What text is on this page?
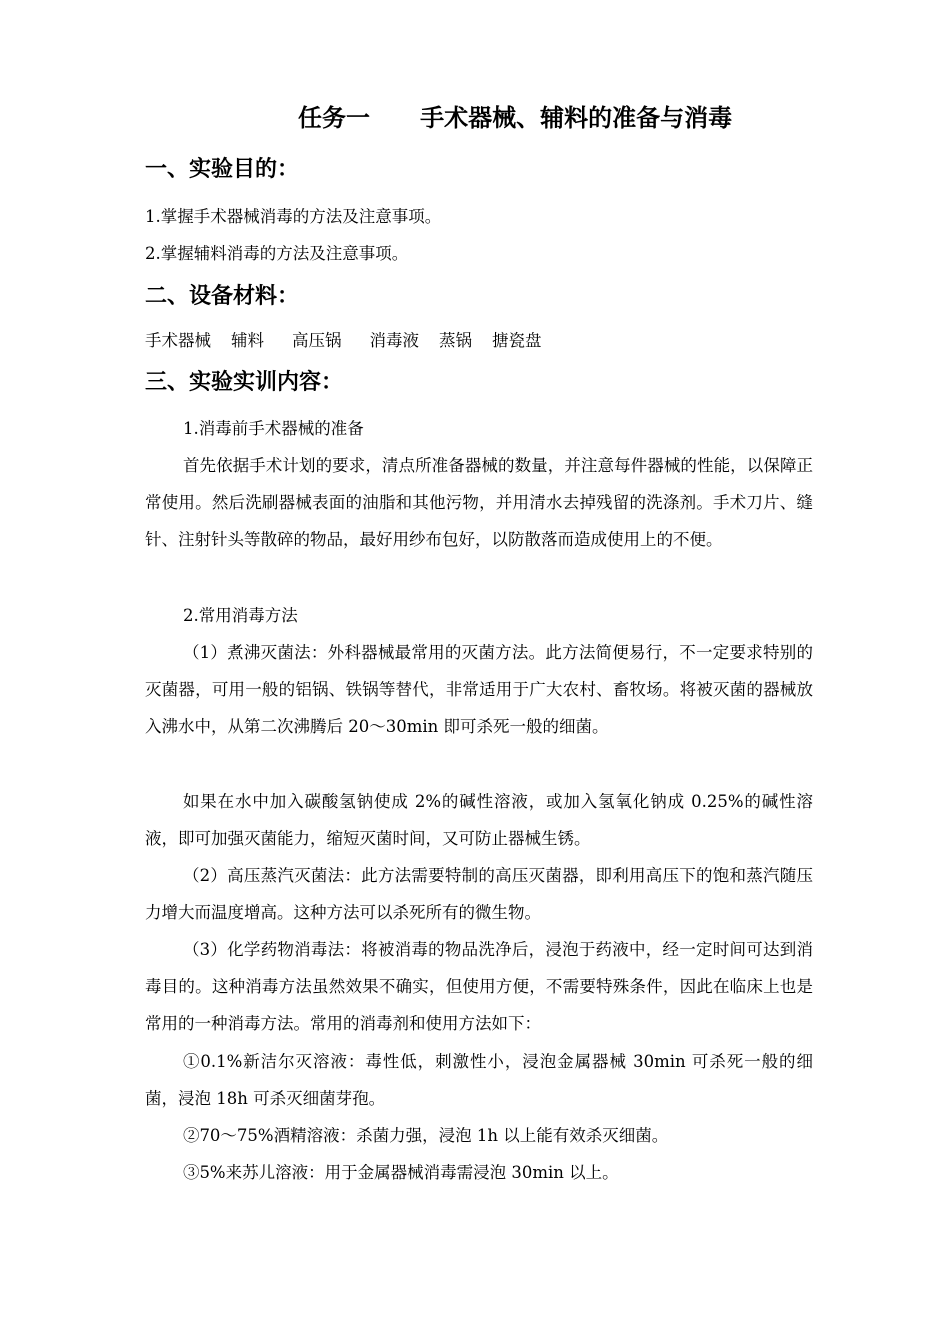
任务一      手术器械、辅料的准备与消毒
一、实验目的：

1.掌握手术器械消毒的方法及注意事项。

2.掌握辅料消毒的方法及注意事项。

二、设备材料：

手术器械 辅料 高压锅 消毒液 蒸锅 搪瓷盘

三、实验实训内容：

1.消毒前手术器械的准备

首先依据手术计划的要求，清点所准备器械的数量，并注意每件器械的性能，以保障正常使用。然后洗刷器械表面的油脂和其他污物，并用清水去掉残留的洗涤剂。手术刀片、缝针、注射针头等散碎的物品，最好用纱布包好，以防散落而造成使用上的不便。

2.常用消毒方法

（1）煮沸灭菌法：外科器械最常用的灭菌方法。此方法简便易行，不一定要求特别的灭菌器，可用一般的铝锅、铁锅等替代，非常适用于广大农村、畜牧场。将被灭菌的器械放入沸水中，从第二次沸腾后 20～30min 即可杀死一般的细菌。

如果在水中加入碳酸氢钠使成 2%的碱性溶液，或加入氢氧化钠成 0.25%的碱性溶液，即可加强灭菌能力，缩短灭菌时间，又可防止器械生锈。

（2）高压蒸汽灭菌法：此方法需要特制的高压灭菌器，即利用高压下的饱和蒸汽随压力增大而温度增高。这种方法可以杀死所有的微生物。

（3）化学药物消毒法：将被消毒的物品洗净后，浸泡于药液中，经一定时间可达到消毒目的。这种消毒方法虽然效果不确实，但使用方便，不需要特殊条件，因此在临床上也是常用的一种消毒方法。常用的消毒剂和使用方法如下：

①0.1%新洁尔灭溶液：毒性低，刺激性小，浸泡金属器械 30min 可杀死一般的细菌，浸泡 18h 可杀灭细菌芽孢。

②70～75%酒精溶液：杀菌力强，浸泡 1h 以上能有效杀灭细菌。

③5%来苏儿溶液：用于金属器械消毒需浸泡 30min 以上。
